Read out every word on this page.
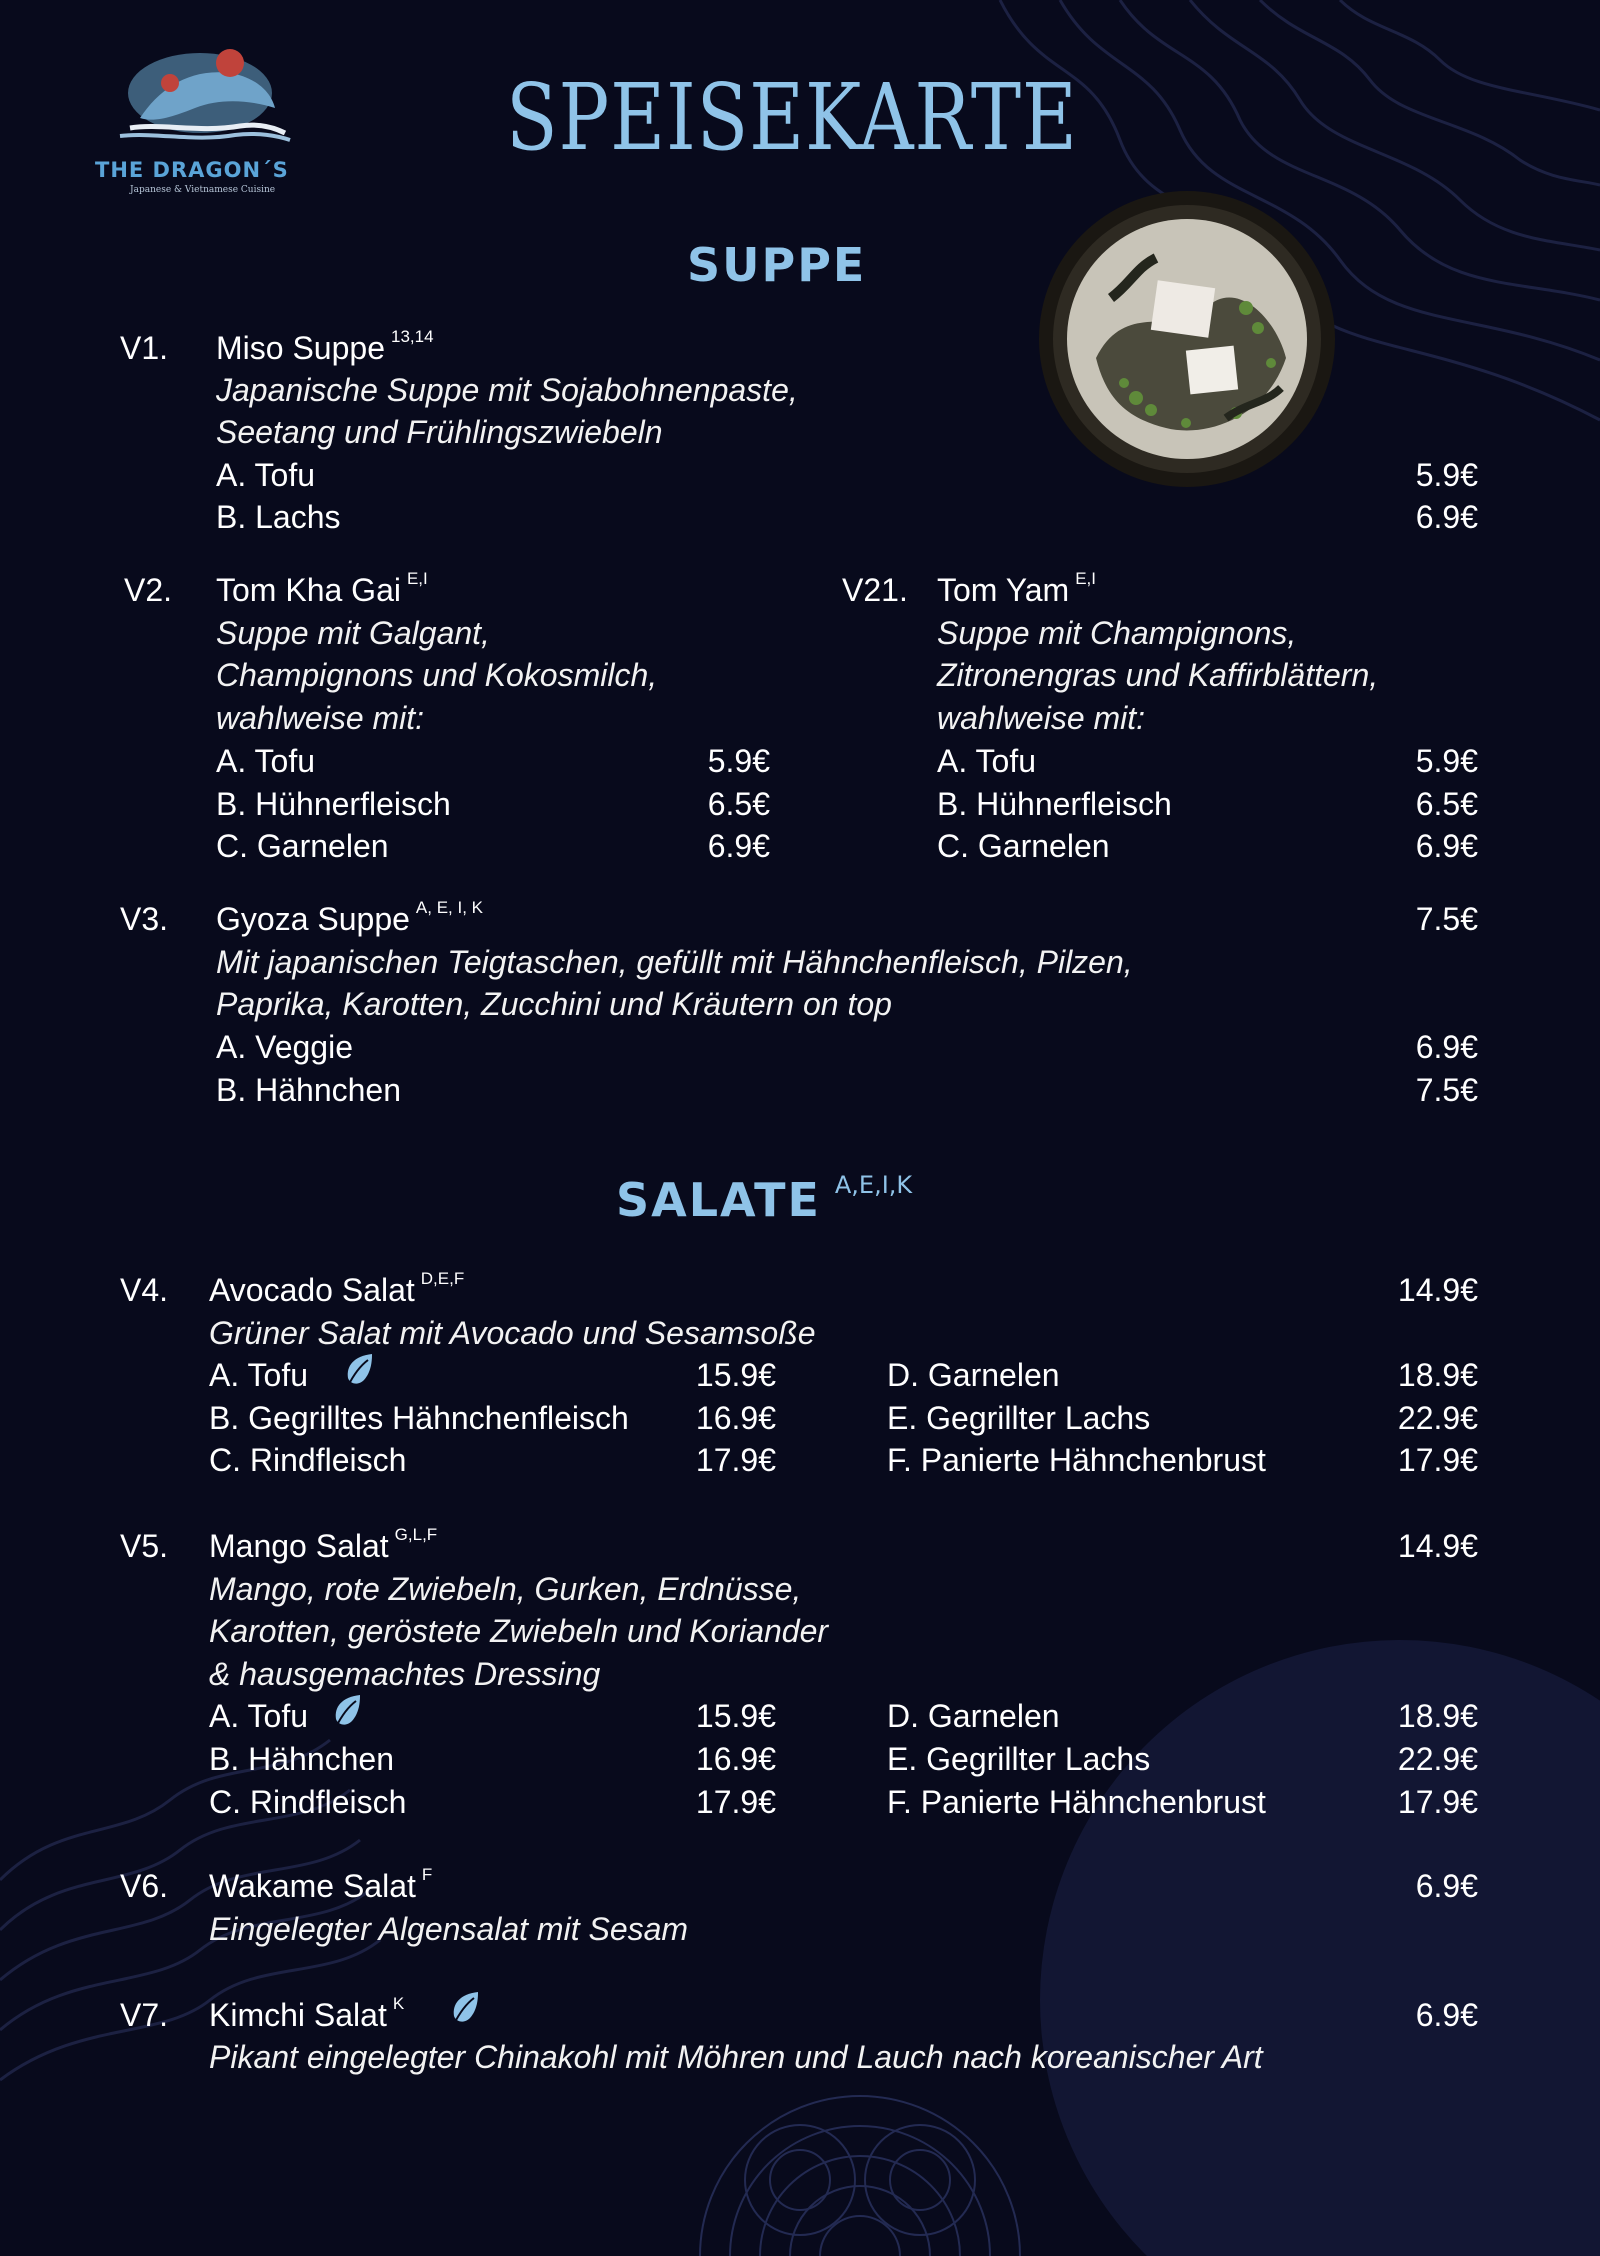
THE DRAGON´S
Japanese & Vietnamese Cuisine
SPEISEKARTE
SUPPE
V1. Miso Suppe $^{13,14}$
Japanische Suppe mit Sojabohnenpaste,
Seetang und Frühlingszwiebeln
A. Tofu	5.9€
B. Lachs	6.9€
V2. Tom Kha Gai $^{E,I}$
Suppe mit Galgant,
Champignons und Kokosmilch,
wahlweise mit:
A. Tofu	5.9€
B. Hühnerfleisch	6.5€
C. Garnelen	6.9€
V21. Tom Yam $^{E,I}$
Suppe mit Champignons,
Zitronengras und Kaffirblättern,
wahlweise mit:
A. Tofu	5.9€
B. Hühnerfleisch	6.5€
C. Garnelen	6.9€
V3. Gyoza Suppe $^{A, E, I, K}$	7.5€
Mit japanischen Teigtaschen, gefüllt mit Hähnchenfleisch, Pilzen,
Paprika, Karotten, Zucchini und Kräutern on top
A. Veggie	6.9€
B. Hähnchen	7.5€
SALATE $^{A,E,I,K}$
V4. Avocado Salat $^{D,E,F}$	14.9€
Grüner Salat mit Avocado und Sesamsoße
A. Tofu	15.9€
B. Gegrilltes Hähnchenfleisch	16.9€
C. Rindfleisch	17.9€
D. Garnelen	18.9€
E. Gegrillter Lachs	22.9€
F. Panierte Hähnchenbrust	17.9€
V5. Mango Salat $^{G,L,F}$	14.9€
Mango, rote Zwiebeln, Gurken, Erdnüsse,
Karotten, geröstete Zwiebeln und Koriander
& hausgemachtes Dressing
A. Tofu	15.9€
B. Hähnchen	16.9€
C. Rindfleisch	17.9€
D. Garnelen	18.9€
E. Gegrillter Lachs	22.9€
F. Panierte Hähnchenbrust	17.9€
V6. Wakame Salat $^F$	6.9€
Eingelegter Algensalat mit Sesam
V7. Kimchi Salat $^K$	6.9€
Pikant eingelegter Chinakohl mit Möhren und Lauch nach koreanischer Art
